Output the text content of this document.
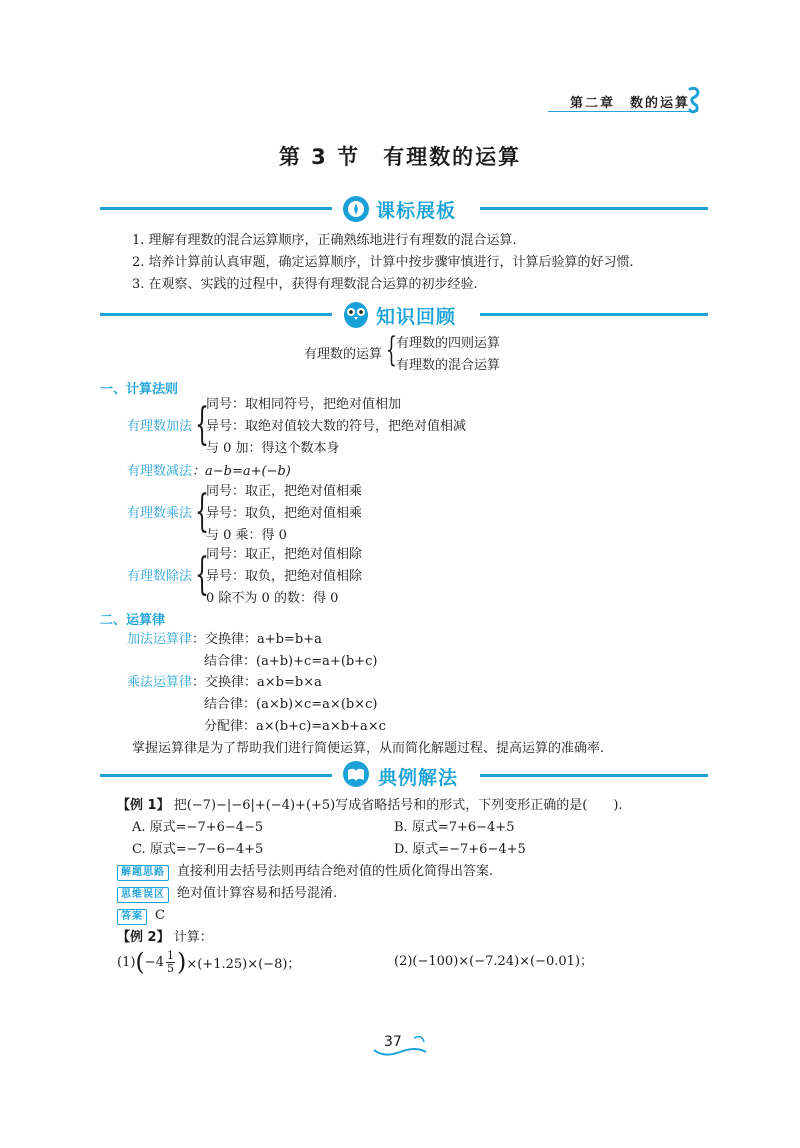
第二章　数的运算
第 3 节　有理数的运算
课标展板
1. 理解有理数的混合运算顺序，正确熟练地进行有理数的混合运算.
2. 培养计算前认真审题，确定运算顺序，计算中按步骤审慎进行，计算后验算的好习惯.
3. 在观察、实践的过程中，获得有理数混合运算的初步经验.
知识回顾
有理数的运算 { 有理数的四则运算
有理数的混合运算
一、计算法则
有理数加法 {
同号：取相同符号，把绝对值相加
异号：取绝对值较大数的符号，把绝对值相减
与 0 加：得这个数本身
有理数减法：a−b=a+(−b)
有理数乘法 {
同号：取正，把绝对值相乘
异号：取负，把绝对值相乘
与 0 乘：得 0
有理数除法 {
同号：取正，把绝对值相除
异号：取负，把绝对值相除
0 除不为 0 的数：得 0
二、运算律
加法运算律：交换律：a+b=b+a
结合律：(a+b)+c=a+(b+c)
乘法运算律：交换律：a×b=b×a
结合律：(a×b)×c=a×(b×c)
分配律：a×(b+c)=a×b+a×c
掌握运算律是为了帮助我们进行简便运算，从而简化解题过程、提高运算的准确率.
典例解法
【例 1】 把(−7)−|−6|+(−4)+(+5)写成省略括号和的形式，下列变形正确的是(　　).
A. 原式=−7+6−4−5	B. 原式=7+6−4+5
C. 原式=−7−6−4+5	D. 原式=−7+6−4+5
解题思路 直接利用去括号法则再结合绝对值的性质化简得出答案.
思维误区 绝对值计算容易和括号混淆.
答案 C
【例 2】 计算：
(1) ( $-4 \frac{1}{5}$ ) ×(+1.25)×(−8)；	(2)(−100)×(−7.24)×(−0.01)；
37
